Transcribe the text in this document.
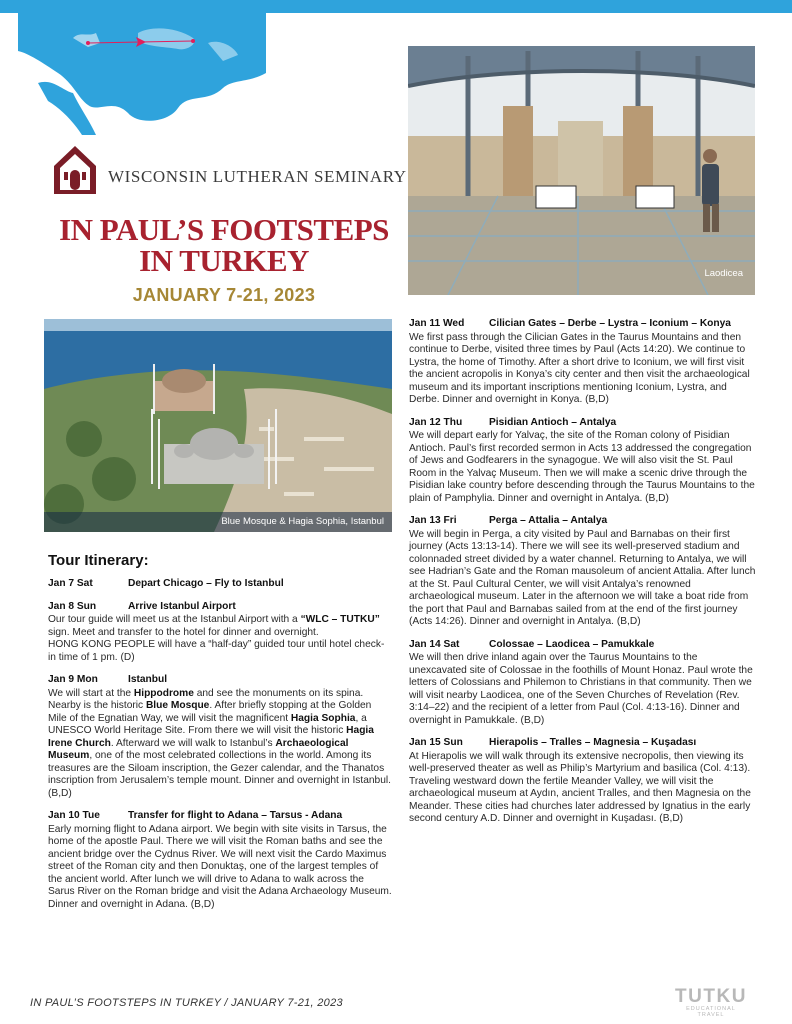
WISCONSIN LUTHERAN SEMINARY
IN PAUL’S FOOTSTEPS
IN TURKEY
JANUARY 7-21, 2023
Laodicea
Blue Mosque & Hagia Sophia, Istanbul
Tour Itinerary:
Jan 7 Sat	Depart Chicago – Fly to Istanbul
Jan 8 Sun	Arrive Istanbul Airport

Our tour guide will meet us at the Istanbul Airport with a “WLC – TUTKU” sign. Meet and transfer to the hotel for dinner and overnight.

HONG KONG PEOPLE will have a “half-day” guided tour until hotel check-in time of 1 pm. (D)

Jan 9 Mon	Istanbul

We will start at the Hippodrome and see the monuments on its spina. Nearby is the historic Blue Mosque. After briefly stopping at the Golden Mile of the Egnatian Way, we will visit the magnificent Hagia Sophia, a UNESCO World Heritage Site. From there we will visit the historic Hagia Irene Church. Afterward we will walk to Istanbul’s Archaeological Museum, one of the most celebrated collections in the world. Among its treasures are the Siloam inscription, the Gezer calendar, and the Thanatos inscription from Jerusalem’s temple mount. Dinner and overnight in Istanbul. (B,D)

Jan 10 Tue	Transfer for flight to Adana – Tarsus - Adana

Early morning flight to Adana airport. We begin with site visits in Tarsus, the home of the apostle Paul. There we will visit the Roman baths and see the ancient bridge over the Cydnus River. We will next visit the Cardo Maximus street of the Roman city and then Donuktaş, one of the largest temples of the ancient world. After lunch we will drive to Adana to walk across the Sarus River on the Roman bridge and visit the Adana Archaeology Museum. Dinner and overnight in Adana. (B,D)

Jan 11 Wed Cilician Gates – Derbe – Lystra – Iconium – Konya

We first pass through the Cilician Gates in the Taurus Mountains and then continue to Derbe, visited three times by Paul (Acts 14:20). We continue to Lystra, the home of Timothy. After a short drive to Iconium, we will first visit the ancient acropolis in Konya’s city center and then visit the archaeological museum and its important inscriptions mentioning Iconium, Lystra, and Derbe. Dinner and overnight in Konya. (B,D)

Jan 12 Thu	Pisidian Antioch – Antalya

We will depart early for Yalvaç, the site of the Roman colony of Pisidian Antioch. Paul’s first recorded sermon in Acts 13 addressed the congregation of Jews and Godfearers in the synagogue. We will also visit the St. Paul Room in the Yalvaç Museum. Then we will make a scenic drive through the Pisidian lake country before descending through the Taurus Mountains to the plain of Pamphylia. Dinner and overnight in Antalya. (B,D)

Jan 13 Fri	Perga – Attalia – Antalya

We will begin in Perga, a city visited by Paul and Barnabas on their first journey (Acts 13:13-14). There we will see its well-preserved stadium and colonnaded street divided by a water channel. Returning to Antalya, we will see Hadrian’s Gate and the Roman mausoleum of ancient Attalia. After lunch at the St. Paul Cultural Center, we will visit Antalya’s renowned archaeological museum. Later in the afternoon we will take a boat ride from the port that Paul and Barnabas sailed from at the end of the first journey (Acts 14:26). Dinner and overnight in Antalya. (B,D)

Jan 14 Sat	Colossae – Laodicea – Pamukkale

We will then drive inland again over the Taurus Mountains to the unexcavated site of Colossae in the foothills of Mount Honaz. Paul wrote the letters of Colossians and Philemon to Christians in that community. Then we will visit nearby Laodicea, one of the Seven Churches of Revelation (Rev. 3:14–22) and the recipient of a letter from Paul (Col. 4:13-16). Dinner and overnight in Pamukkale. (B,D)

Jan 15 Sun	Hierapolis – Tralles – Magnesia – Kuşadası

At Hierapolis we will walk through its extensive necropolis, then viewing its well-preserved theater as well as Philip’s Martyrium and basilica (Col. 4:13). Traveling westward down the fertile Meander Valley, we will visit the archaeological museum at Aydın, ancient Tralles, and then Magnesia on the Meander. These cities had churches later addressed by Ignatius in the early second century A.D. Dinner and overnight in Kuşadası. (B,D)

IN PAUL’S FOOTSTEPS IN TURKEY / JANUARY 7-21, 2023	TUTKU
EDUCATIONAL TRAVEL
